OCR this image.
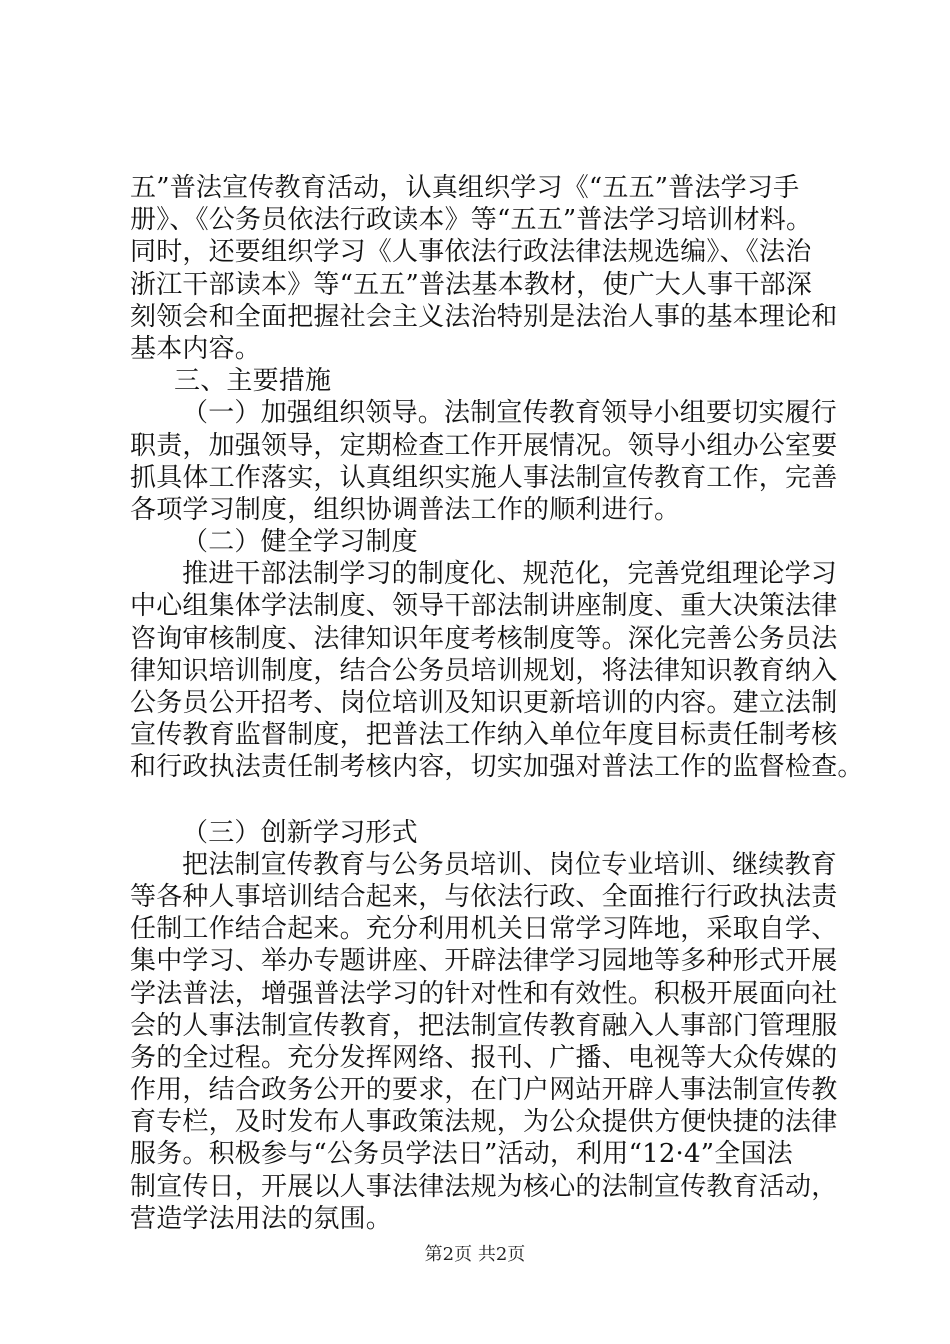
五”普法宣传教育活动，认真组织学习《“五五”普法学习手
册》、《公务员依法行政读本》等“五五”普法学习培训材料。
同时，还要组织学习《人事依法行政法律法规选编》、《法治
浙江干部读本》等“五五”普法基本教材，使广大人事干部深
刻领会和全面把握社会主义法治特别是法治人事的基本理论和
基本内容。
三、主要措施
（一）加强组织领导。法制宣传教育领导小组要切实履行
职责，加强领导，定期检查工作开展情况。领导小组办公室要
抓具体工作落实，认真组织实施人事法制宣传教育工作，完善
各项学习制度，组织协调普法工作的顺利进行。
（二）健全学习制度
推进干部法制学习的制度化、规范化，完善党组理论学习
中心组集体学法制度、领导干部法制讲座制度、重大决策法律
咨询审核制度、法律知识年度考核制度等。深化完善公务员法
律知识培训制度，结合公务员培训规划，将法律知识教育纳入
公务员公开招考、岗位培训及知识更新培训的内容。建立法制
宣传教育监督制度，把普法工作纳入单位年度目标责任制考核
和行政执法责任制考核内容，切实加强对普法工作的监督检查。
（三）创新学习形式
把法制宣传教育与公务员培训、岗位专业培训、继续教育
等各种人事培训结合起来，与依法行政、全面推行行政执法责
任制工作结合起来。充分利用机关日常学习阵地，采取自学、
集中学习、举办专题讲座、开辟法律学习园地等多种形式开展
学法普法，增强普法学习的针对性和有效性。积极开展面向社
会的人事法制宣传教育，把法制宣传教育融入人事部门管理服
务的全过程。充分发挥网络、报刊、广播、电视等大众传媒的
作用，结合政务公开的要求，在门户网站开辟人事法制宣传教
育专栏，及时发布人事政策法规，为公众提供方便快捷的法律
服务。积极参与“公务员学法日”活动，利用“12·4”全国法
制宣传日，开展以人事法律法规为核心的法制宣传教育活动，
营造学法用法的氛围。
第2页 共2页
